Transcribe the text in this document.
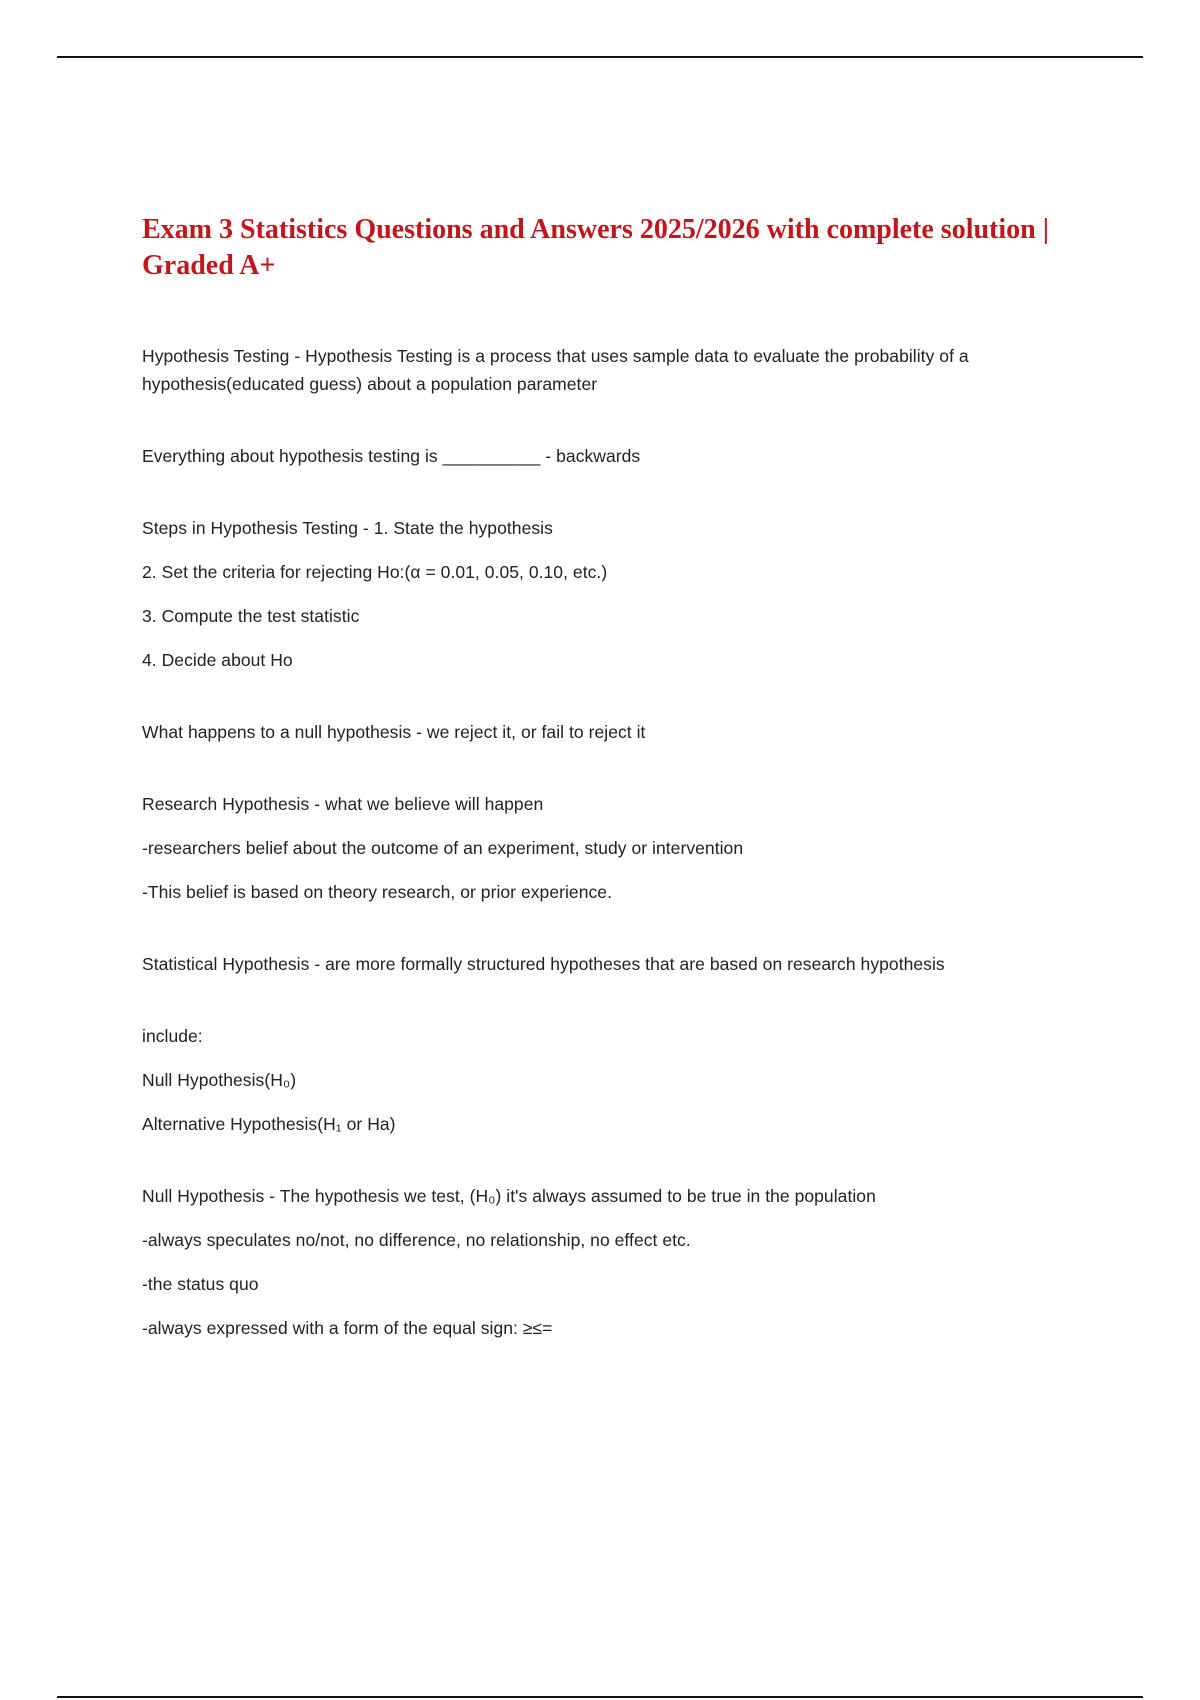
Exam 3 Statistics Questions and Answers 2025/2026 with complete solution | Graded A+

Hypothesis Testing - Hypothesis Testing is a process that uses sample data to evaluate the probability of a hypothesis(educated guess) about a population parameter

Everything about hypothesis testing is __________ - backwards

Steps in Hypothesis Testing - 1. State the hypothesis

2. Set the criteria for rejecting Ho:(α = 0.01, 0.05, 0.10, etc.)

3. Compute the test statistic

4. Decide about Ho

What happens to a null hypothesis - we reject it, or fail to reject it

Research Hypothesis - what we believe will happen

-researchers belief about the outcome of an experiment, study or intervention

-This belief is based on theory research, or prior experience.

Statistical Hypothesis - are more formally structured hypotheses that are based on research hypothesis

include:

Null Hypothesis(H₀)

Alternative Hypothesis(H₁ or Ha)

Null Hypothesis - The hypothesis we test, (H₀) it's always assumed to be true in the population

-always speculates no/not, no difference, no relationship, no effect etc.

-the status quo

-always expressed with a form of the equal sign: ≥≤=
